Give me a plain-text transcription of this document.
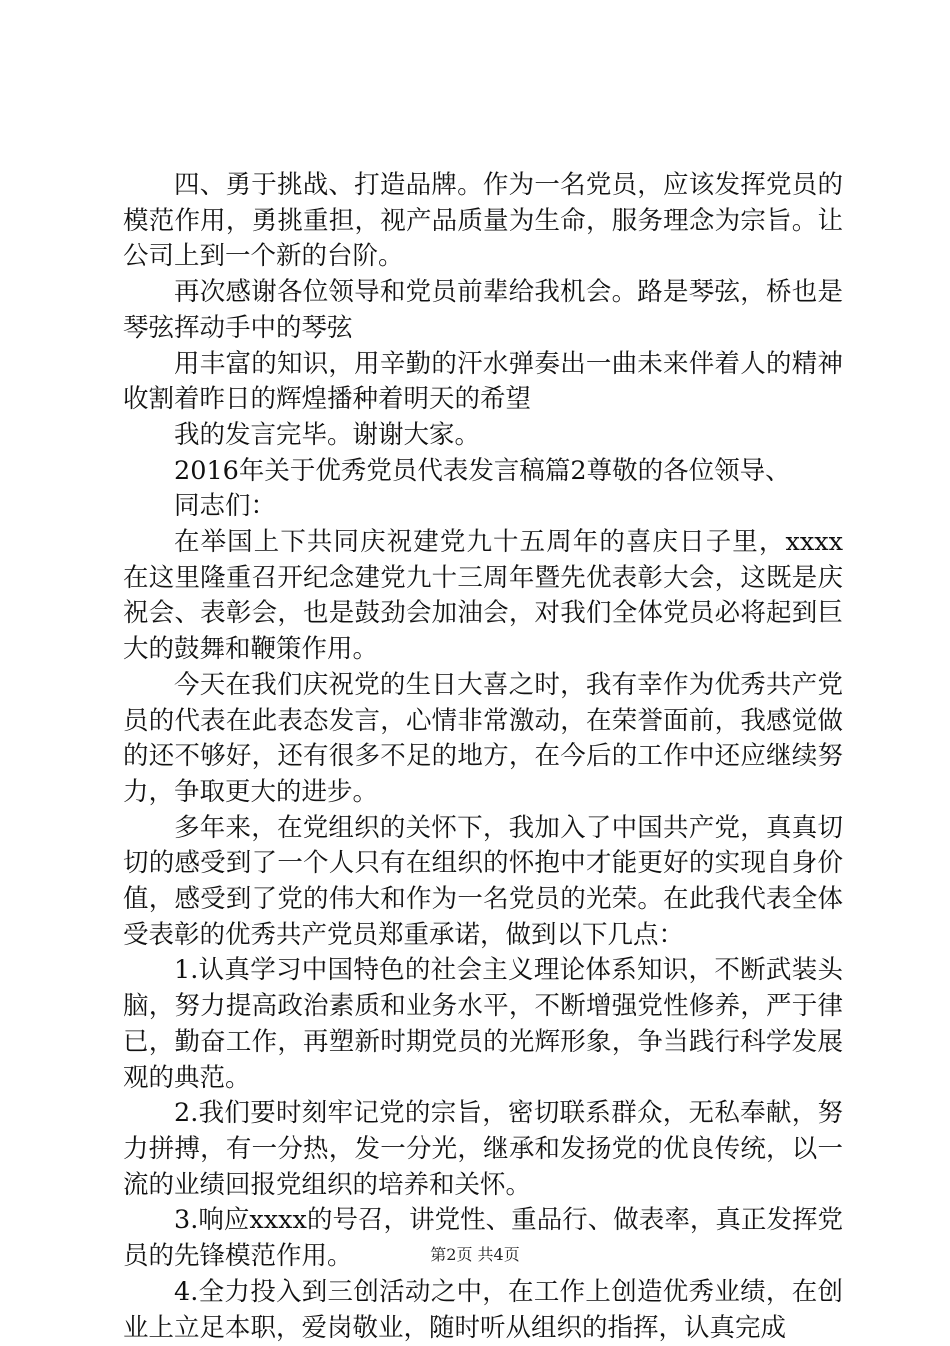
四、勇于挑战、打造品牌。作为一名党员，应该发挥党员的模范作用，勇挑重担，视产品质量为生命，服务理念为宗旨。让公司上到一个新的台阶。

再次感谢各位领导和党员前辈给我机会。路是琴弦，桥也是琴弦挥动手中的琴弦

用丰富的知识，用辛勤的汗水弹奏出一曲未来伴着人的精神收割着昨日的辉煌播种着明天的希望

我的发言完毕。谢谢大家。

2016年关于优秀党员代表发言稿篇2尊敬的各位领导、

同志们：

在举国上下共同庆祝建党九十五周年的喜庆日子里，xxxx在这里隆重召开纪念建党九十三周年暨先优表彰大会，这既是庆祝会、表彰会，也是鼓劲会加油会，对我们全体党员必将起到巨大的鼓舞和鞭策作用。

今天在我们庆祝党的生日大喜之时，我有幸作为优秀共产党员的代表在此表态发言，心情非常激动，在荣誉面前，我感觉做的还不够好，还有很多不足的地方，在今后的工作中还应继续努力，争取更大的进步。

多年来，在党组织的关怀下，我加入了中国共产党，真真切切的感受到了一个人只有在组织的怀抱中才能更好的实现自身价值，感受到了党的伟大和作为一名党员的光荣。在此我代表全体受表彰的优秀共产党员郑重承诺，做到以下几点：

1.认真学习中国特色的社会主义理论体系知识，不断武装头脑，努力提高政治素质和业务水平，不断增强党性修养，严于律已，勤奋工作，再塑新时期党员的光辉形象，争当践行科学发展观的典范。

2.我们要时刻牢记党的宗旨，密切联系群众，无私奉献，努力拼搏，有一分热，发一分光，继承和发扬党的优良传统，以一流的业绩回报党组织的培养和关怀。

3.响应xxxx的号召，讲党性、重品行、做表率，真正发挥党员的先锋模范作用。

4.全力投入到三创活动之中，在工作上创造优秀业绩，在创业上立足本职，爱岗敬业，随时听从组织的指挥，认真完成

第2页 共4页
